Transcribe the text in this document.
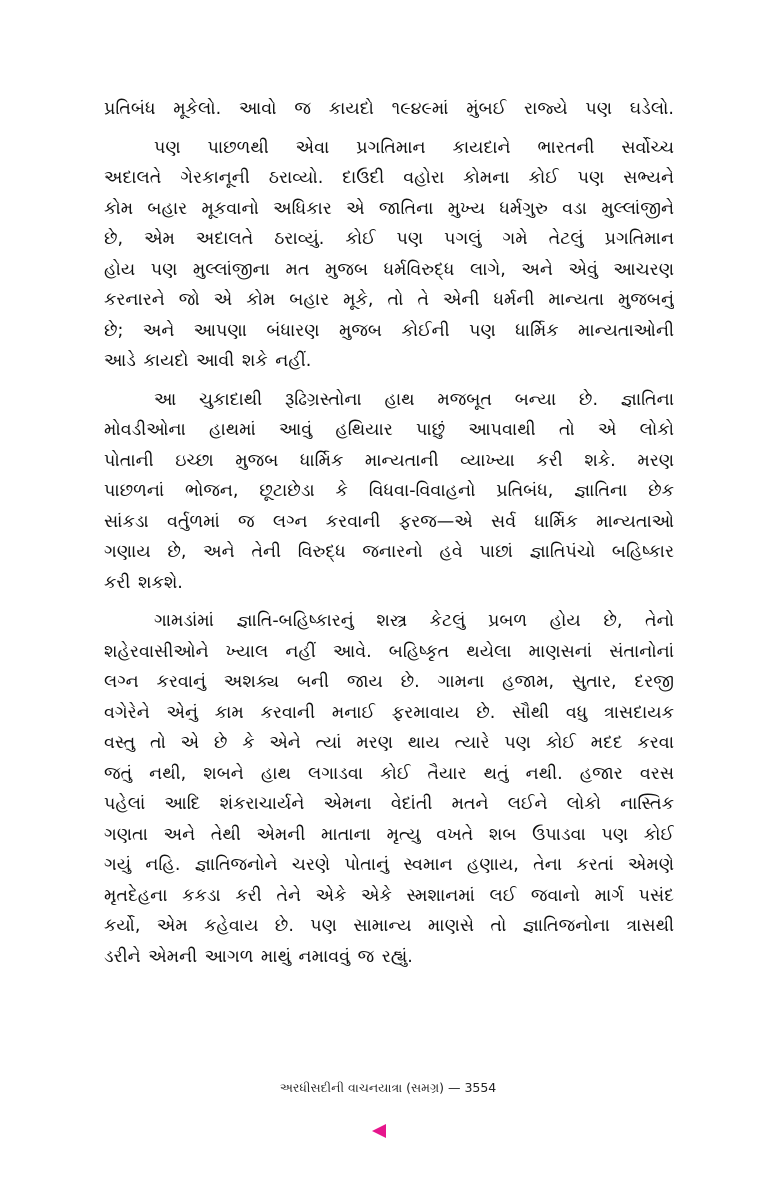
પ્રતિબંધ મૂકેલો. આવો જ કાયદો ૧૯૪૯માં મુંબઈ રાજ્યે પણ ઘડેલો.
પણ પાછળથી એવા પ્રગતિમાન કાયદાને ભારતની સર્વોચ્ચ
અદાલતે ગેરકાનૂની ઠરાવ્યો. દાઉદી વહોરા કોમના કોઈ પણ સભ્યને
કોમ બહાર મૂકવાનો અધિકાર એ જાતિના મુખ્ય ધર્મગુરુ વડા મુલ્લાંજીને
છે, એમ અદાલતે ઠરાવ્યું. કોઈ પણ પગલું ગમે તેટલું પ્રગતિમાન
હોય પણ મુલ્લાંજીના મત મુજબ ધર્મવિરુદ્ધ લાગે, અને એવું આચરણ
કરનારને જો એ કોમ બહાર મૂકે, તો તે એની ધર્મની માન્યતા મુજબનું
છે; અને આપણા બંધારણ મુજબ કોઈની પણ ધાર્મિક માન્યતાઓની
આડે કાયદો આવી શકે નહીં.
આ ચુકાદાથી રૂઢિગ્રસ્તોના હાથ મજબૂત બન્યા છે. જ્ઞાતિના
મોવડીઓના હાથમાં આવું હથિયાર પાછું આપવાથી તો એ લોકો
પોતાની ઇચ્છા મુજબ ધાર્મિક માન્યતાની વ્યાખ્યા કરી શકે. મરણ
પાછળનાં ભોજન, છૂટાછેડા કે વિધવા-વિવાહનો પ્રતિબંધ, જ્ઞાતિના છેક
સાંકડા વર્તુળમાં જ લગ્ન કરવાની ફરજ—એ સર્વ ધાર્મિક માન્યતાઓ
ગણાય છે, અને તેની વિરુદ્ધ જનારનો હવે પાછાં જ્ઞાતિપંચો બહિષ્કાર
કરી શકશે.
ગામડાંમાં જ્ઞાતિ-બહિષ્કારનું શસ્ત્ર કેટલું પ્રબળ હોય છે, તેનો
શહેરવાસીઓને ખ્યાલ નહીં આવે. બહિષ્કૃત થયેલા માણસનાં સંતાનોનાં
લગ્ન કરવાનું અશક્ય બની જાય છે. ગામના હજામ, સુતાર, દરજી
વગેરેને એનું કામ કરવાની મનાઈ ફરમાવાય છે. સૌથી વધુ ત્રાસદાયક
વસ્તુ તો એ છે કે એને ત્યાં મરણ થાય ત્યારે પણ કોઈ મદદ કરવા
જતું નથી, શબને હાથ લગાડવા કોઈ તૈયાર થતું નથી. હજાર વરસ
પહેલાં આદિ શંકરાચાર્યને એમના વેદાંતી મતને લઈને લોકો નાસ્તિક
ગણતા અને તેથી એમની માતાના મૃત્યુ વખતે શબ ઉપાડવા પણ કોઈ
ગયું નહિ. જ્ઞાતિજનોને ચરણે પોતાનું સ્વમાન હણાય, તેના કરતાં એમણે
મૃતદેહના કકડા કરી તેને એકે એકે સ્મશાનમાં લઈ જવાનો માર્ગ પસંદ
કર્યો, એમ કહેવાય છે. પણ સામાન્ય માણસે તો જ્ઞાતિજનોના ત્રાસથી
ડરીને એમની આગળ માથું નમાવવું જ રહ્યું.
અરધીસદીની વાચનયાત્રા (સમગ્ર) — 3554
